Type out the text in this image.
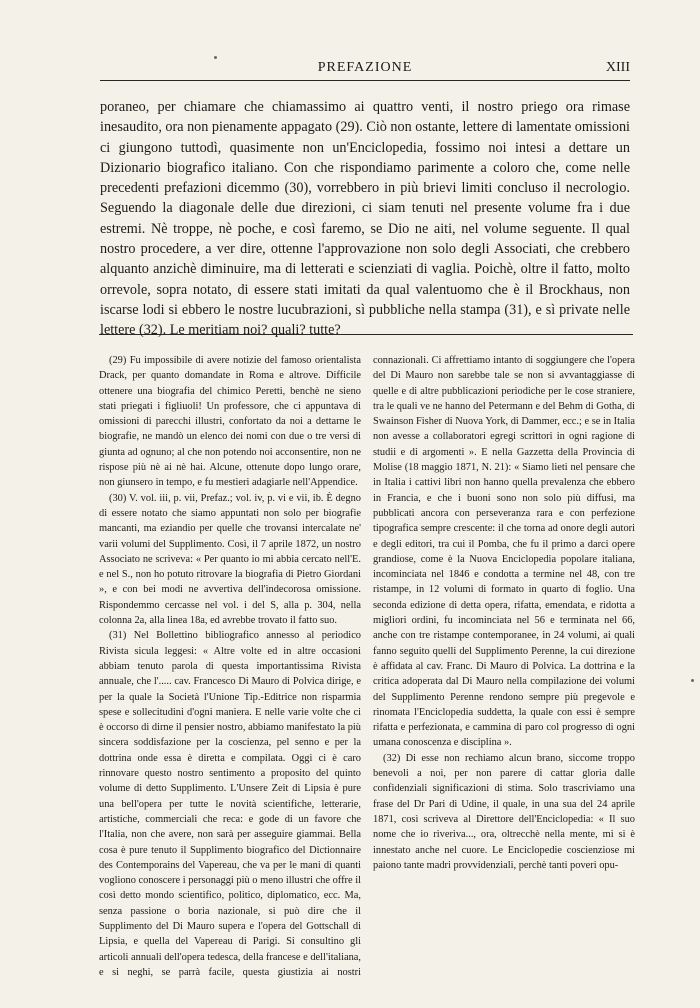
PREFAZIONE	XIII

poraneo, per chiamare che chiamassimo ai quattro venti, il nostro priego ora rimase inesaudito, ora non pienamente appagato (29). Ciò non ostante, lettere di lamentate omissioni ci giungono tuttodì, quasimente non un'Enciclopedia, fossimo noi intesi a dettare un Dizionario biografico italiano. Con che rispondiamo parimente a coloro che, come nelle precedenti prefazioni dicemmo (30), vorrebbero in più brievi limiti concluso il necrologio. Seguendo la diagonale delle due direzioni, ci siam tenuti nel presente volume fra i due estremi. Nè troppe, nè poche, e così faremo, se Dio ne aiti, nel volume seguente. Il qual nostro procedere, a ver dire, ottenne l'approvazione non solo degli Associati, che crebbero alquanto anzichè diminuire, ma di letterati e scienziati di vaglia. Poichè, oltre il fatto, molto orrevole, sopra notato, di essere stati imitati da qual valentuomo che è il Brockhaus, non iscarse lodi si ebbero le nostre lucubrazioni, sì pubbliche nella stampa (31), e sì private nelle lettere (32). Le meritiam noi? quali? tutte?

(29) Fu impossibile di avere notizie del famoso orientalista Drack, per quanto domandate in Roma e altrove. Difficile ottenere una biografia del chimico Peretti, benchè ne sieno stati priegati i figliuoli! Un professore, che ci appuntava di omissioni di parecchi illustri, confortato da noi a dettarne le biografie, ne mandò un elenco dei nomi con due o tre versi di giunta ad ognuno; al che non potendo noi acconsentire, non ne rispose più nè ai nè hai. Alcune, ottenute dopo lungo orare, non giunsero in tempo, e fu mestieri adagiarle nell'Appendice.

(30) V. vol. iii, p. vii, Prefaz.; vol. iv, p. vi e vii, ib. È degno di essere notato che siamo appuntati non solo per biografie mancanti, ma eziandio per quelle che trovansi intercalate ne' varii volumi del Supplimento. Così, il 7 aprile 1872, un nostro Associato ne scriveva: « Per quanto io mi abbia cercato nell'E. e nel S., non ho potuto ritrovare la biografia di Pietro Giordani », e con bei modi ne avvertiva dell'indecorosa omissione. Rispondemmo cercasse nel vol. i del S, alla p. 304, nella colonna 2a, alla linea 18a, ed avrebbe trovato il fatto suo.

(31) Nel Bollettino bibliografico annesso al periodico Rivista sicula leggesi: « Altre volte ed in altre occasioni abbiam tenuto parola di questa importantissima Rivista annuale, che l'..... cav. Francesco Di Mauro di Polvica dirige, e per la quale la Società l'Unione Tip.-Editrice non risparmia spese e sollecitudini d'ogni maniera. E nelle varie volte che ci è occorso di dirne il pensier nostro, abbiamo manifestato la più sincera soddisfazione per la coscienza, pel senno e per la dottrina onde essa è diretta e compilata. Oggi ci è caro rinnovare questo nostro sentimento a proposito del quinto volume di detto Supplimento. L'Unsere Zeit di Lipsia è pure una bell'opera per tutte le novità scientifiche, letterarie, artistiche, commerciali che reca: e gode di un favore che l'Italia, non che avere, non sarà per asseguire giammai. Bella cosa è pure tenuto il Supplimento biografico del Dictionnaire des Contemporains del Vapereau, che va per le mani di quanti vogliono conoscere i personaggi più o meno illustri che offre il così detto mondo scientifico, politico, diplomatico, ecc. Ma, senza passione o boria nazionale, si può dire che il Supplimento del Di Mauro supera e l'opera del Gottschall di Lipsia, e quella del Vapereau di Parigi. Si consultino gli articoli annuali dell'opera tedesca, della francese e dell'italiana, e si neghi, se parrà facile, questa giustizia ai nostri connazionali. Ci affrettiamo intanto di soggiungere che l'opera del Di Mauro non sarebbe tale se non si avvantaggiasse di quelle e di altre pubblicazioni periodiche per le cose straniere, tra le quali ve ne hanno del Petermann e del Behm di Gotha, di Swainson Fisher di Nuova York, di Dammer, ecc.; e se in Italia non avesse a collaboratori egregi scrittori in ogni ragione di studii e di argomenti ». E nella Gazzetta della Provincia di Molise (18 maggio 1871, N. 21): « Siamo lieti nel pensare che in Italia i cattivi libri non hanno quella prevalenza che ebbero in Francia, e che i buoni sono non solo più diffusi, ma pubblicati ancora con perseveranza rara e con perfezione tipografica sempre crescente: il che torna ad onore degli autori e degli editori, tra cui il Pomba, che fu il primo a darci opere grandiose, come è la Nuova Enciclopedia popolare italiana, incominciata nel 1846 e condotta a termine nel 48, con tre ristampe, in 12 volumi di formato in quarto di foglio. Una seconda edizione di detta opera, rifatta, emendata, e ridotta a migliori ordini, fu incominciata nel 56 e terminata nel 66, anche con tre ristampe contemporanee, in 24 volumi, ai quali fanno seguito quelli del Supplimento Perenne, la cui direzione è affidata al cav. Franc. Di Mauro di Polvica. La dottrina e la critica adoperata dal Di Mauro nella compilazione dei volumi del Supplimento Perenne rendono sempre più pregevole e rinomata l'Enciclopedia suddetta, la quale con essi è sempre rifatta e perfezionata, e cammina di paro col progresso di ogni umana conoscenza e disciplina ».

(32) Di esse non rechiamo alcun brano, siccome troppo benevoli a noi, per non parere di cattar gloria dalle confidenziali significazioni di stima. Solo trascriviamo una frase del Dr Pari di Udine, il quale, in una sua del 24 aprile 1871, così scriveva al Direttore dell'Enciclopedia: « Il suo nome che io riveriva..., ora, oltrecchè nella mente, mi si è innestato anche nel cuore. Le Enciclopedie coscienziose mi paiono tante madri provvidenziali, perchè tanti poveri opu-
